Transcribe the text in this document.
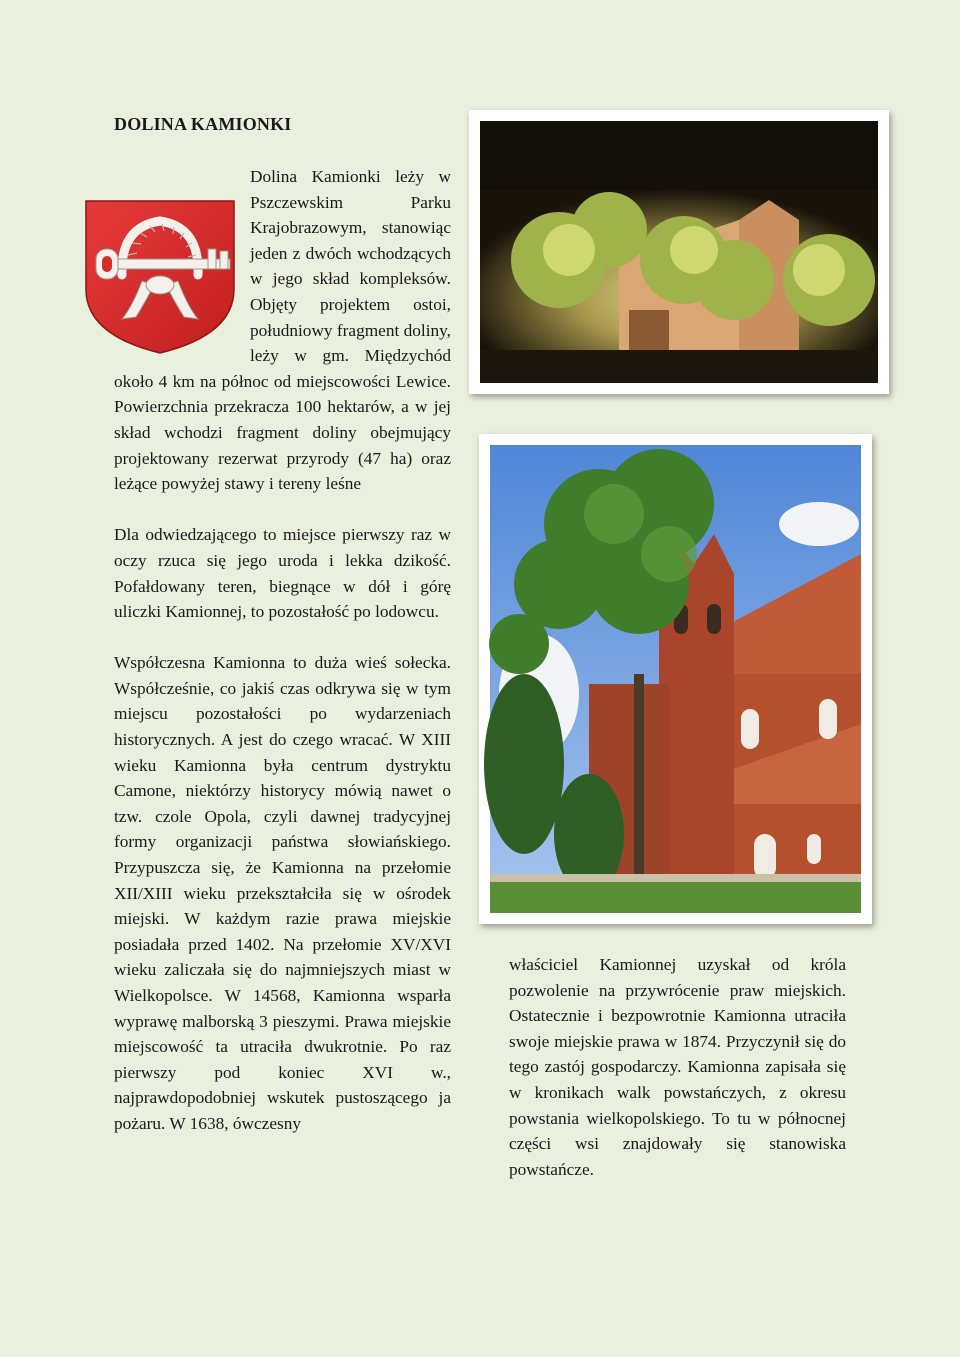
DOLINA KAMIONKI

Dolina Kamionki leży w Pszczewskim Parku Krajobrazowym, stanowiąc jeden z dwóch wchodzących w jego skład kompleksów. Objęty projektem ostoi, południowy fragment doliny, leży w gm. Międzychód około 4 km na północ od miejscowości Lewice. Powierzchnia przekracza 100 hektarów, a w jej skład wchodzi fragment doliny obejmujący projektowany rezerwat przyrody (47 ha) oraz leżące powyżej stawy i tereny leśne

Dla odwiedzającego to miejsce pierwszy raz w oczy rzuca się jego uroda i lekka dzikość. Pofałdowany teren, biegnące w dół i górę uliczki Kamionnej, to pozostałość po lodowcu.

Współczesna Kamionna to duża wieś sołecka. Współcześnie, co jakiś czas odkrywa się w tym miejscu pozostałości po wydarzeniach historycznych. A jest do czego wracać. W XIII wieku Kamionna była centrum dystryktu Camone, niektórzy historycy mówią nawet o tzw. czole Opola, czyli dawnej tradycyjnej formy organizacji państwa słowiańskiego. Przypuszcza się, że Kamionna na przełomie XII/XIII wieku przekształciła się w ośrodek miejski. W każdym razie prawa miejskie posiadała przed 1402. Na przełomie XV/XVI wieku zaliczała się do najmniejszych miast w Wielkopolsce. W 14568, Kamionna wsparła wyprawę malborską 3 pieszymi. Prawa miejskie miejscowość ta utraciła dwukrotnie. Po raz pierwszy pod koniec XVI w., najprawdopodobniej wskutek pustoszącego ja pożaru. W 1638, ówczesny

właściciel Kamionnej uzyskał od króla pozwolenie na przywrócenie praw miejskich. Ostatecznie i bezpowrotnie Kamionna utraciła swoje miejskie prawa w 1874. Przyczynił się do tego zastój gospodarczy. Kamionna zapisała się w kronikach walk powstańczych, z okresu powstania wielkopolskiego. To tu w północnej części wsi znajdowały się stanowiska powstańcze.
